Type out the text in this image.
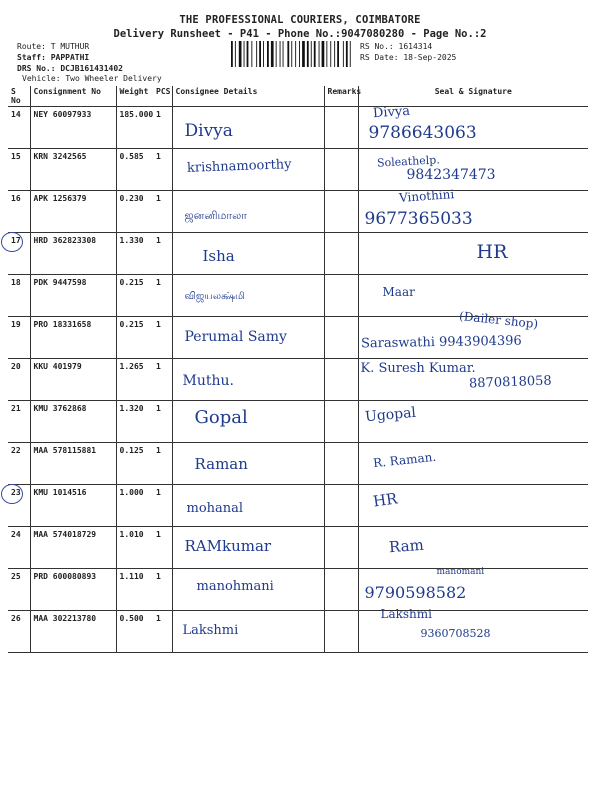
THE PROFESSIONAL COURIERS, COIMBATORE
Delivery Runsheet - P41 - Phone No.:9047080280 - Page No.:2
Route: T MUTHUR
Staff: PAPPATHI
DRS No.: DCJB161431402
Vehicle: Two Wheeler Delivery
RS No.: 1614314
RS Date: 18-Sep-2025
S No	Consignment No	Weight	PCS	Consignee Details	Remarks	Seal & Signature
14	NEY 60097933	185.000	1	Divya		Divya
9786643063

15	KRN 3242565	0.585	1	krishnamoorthy		Soleathelp.
9842347473

16	APK 1256379	0.230	1	ஜனனிமாலா		Vinothini
9677365033

17	HRD 362823308	1.330	1	Isha		HR

18	PDK 9447598	0.215	1	விஜயலக்ஷ்மி		Maar

19	PRO 18331658	0.215	1	Perumal Samy		(Dailer shop)
Saraswathi 9943904396

20	KKU 401979	1.265	1	Muthu.		K. Suresh Kumar.
8870818058

21	KMU 3762868	1.320	1	Gopal		Ugopal

22	MAA 578115881	0.125	1	Raman		R. Raman.

23	KMU 1014516	1.000	1	mohanal		HR

24	MAA 574018729	1.010	1	RAMkumar		Ram

25	PRD 600080893	1.110	1	manohmani		manomani
9790598582

26	MAA 302213780	0.500	1	Lakshmi		Lakshmi
9360708528
